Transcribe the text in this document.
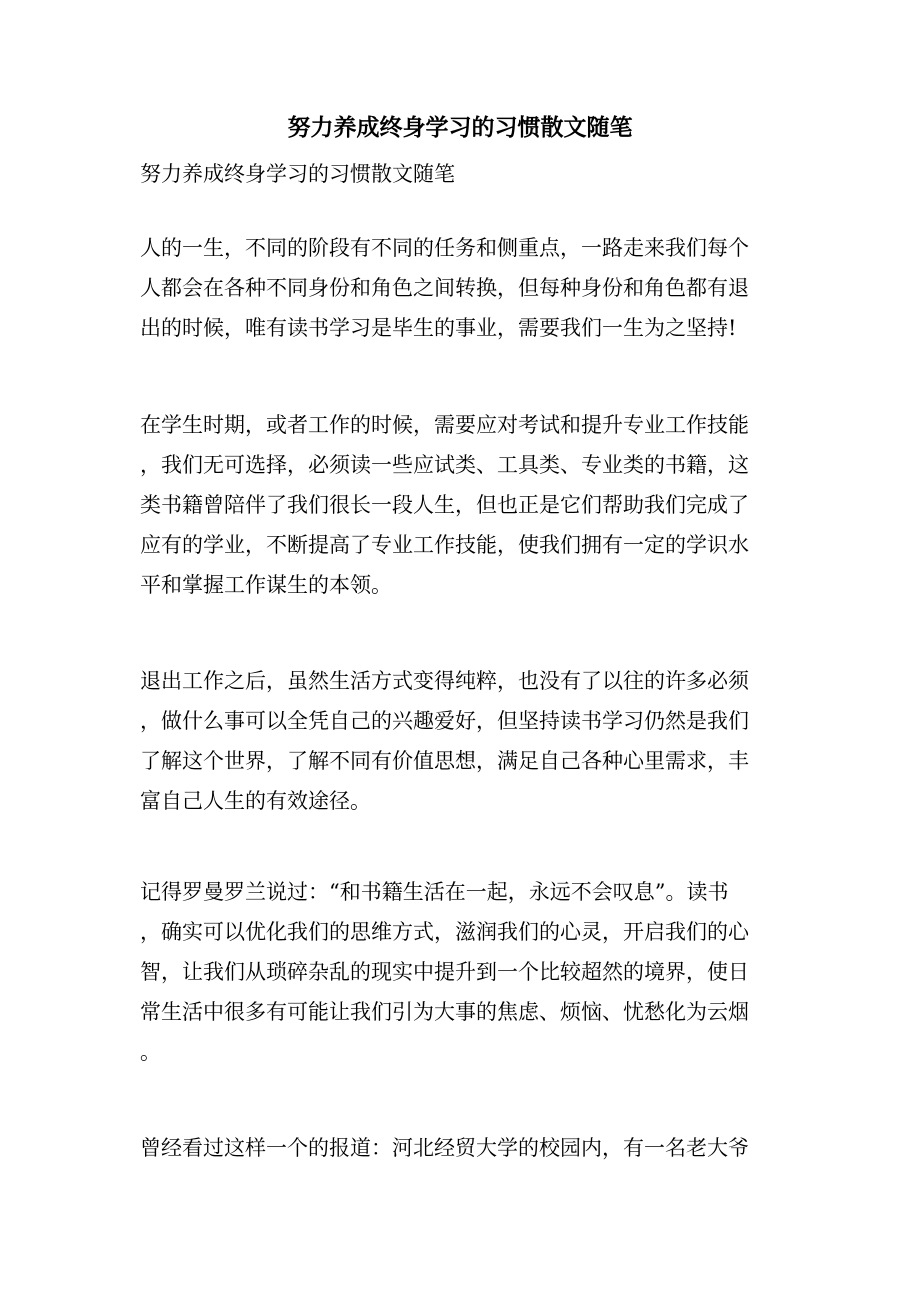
努力养成终身学习的习惯散文随笔

努力养成终身学习的习惯散文随笔

人的一生，不同的阶段有不同的任务和侧重点，一路走来我们每个
人都会在各种不同身份和角色之间转换，但每种身份和角色都有退
出的时候，唯有读书学习是毕生的事业，需要我们一生为之坚持!
在学生时期，或者工作的时候，需要应对考试和提升专业工作技能
，我们无可选择，必须读一些应试类、工具类、专业类的书籍，这
类书籍曾陪伴了我们很长一段人生，但也正是它们帮助我们完成了
应有的学业，不断提高了专业工作技能，使我们拥有一定的学识水
平和掌握工作谋生的本领。
退出工作之后，虽然生活方式变得纯粹，也没有了以往的许多必须
，做什么事可以全凭自己的兴趣爱好，但坚持读书学习仍然是我们
了解这个世界，了解不同有价值思想，满足自己各种心里需求，丰
富自己人生的有效途径。
记得罗曼罗兰说过：“和书籍生活在一起，永远不会叹息”。读书
，确实可以优化我们的思维方式，滋润我们的心灵，开启我们的心
智，让我们从琐碎杂乱的现实中提升到一个比较超然的境界，使日
常生活中很多有可能让我们引为大事的焦虑、烦恼、忧愁化为云烟
。
曾经看过这样一个的报道：河北经贸大学的校园内，有一名老大爷
